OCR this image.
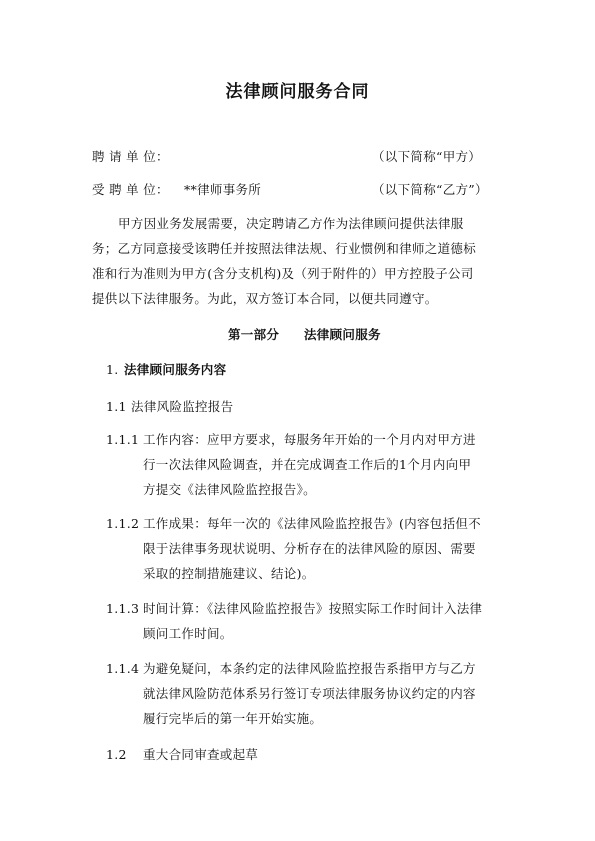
法律顾问服务合同
聘 请 单 位：	（以下简称“甲方）
受 聘 单 位： **律师事务所	（以下简称“乙方”）
甲方因业务发展需要，决定聘请乙方作为法律顾问提供法律服
务；乙方同意接受该聘任并按照法律法规、行业惯例和律师之道德标
准和行为准则为甲方(含分支机构)及（列于附件的）甲方控股子公司
提供以下法律服务。为此，双方签订本合同，以便共同遵守。
第一部分 法律顾问服务
1. 法律顾问服务内容
1.1 法律风险监控报告
1.1.1 工作内容：应甲方要求，每服务年开始的一个月内对甲方进
行一次法律风险调查，并在完成调查工作后的1个月内向甲
方提交《法律风险监控报告》。
1.1.2 工作成果：每年一次的《法律风险监控报告》(内容包括但不
限于法律事务现状说明、分析存在的法律风险的原因、需要
采取的控制措施建议、结论)。
1.1.3 时间计算：《法律风险监控报告》按照实际工作时间计入法律
顾问工作时间。
1.1.4 为避免疑问，本条约定的法律风险监控报告系指甲方与乙方
就法律风险防范体系另行签订专项法律服务协议约定的内容
履行完毕后的第一年开始实施。
1.2 重大合同审查或起草
